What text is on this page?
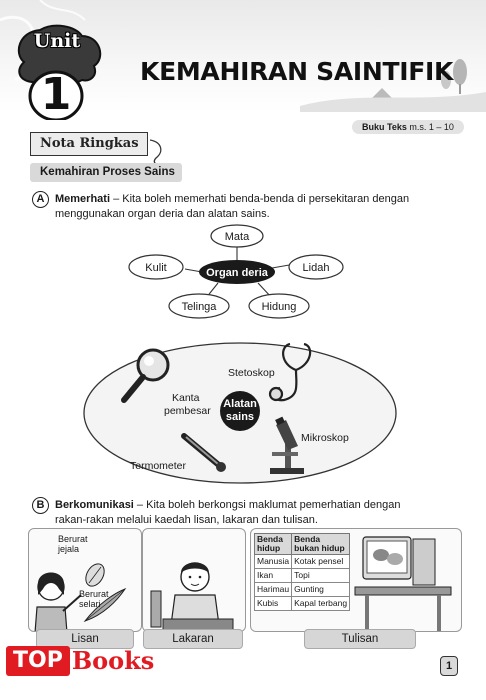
Unit
1	KEMAHIRAN SAINTIFIK
Buku Teks m.s. 1 – 10
Nota Ringkas
Kemahiran Proses Sains
A Memerhati – Kita boleh memerhati benda-benda di persekitaran dengan
menggunakan organ deria dan alatan sains.
Mata
Lidah
Hidung
Telinga
Kulit	Organ deria
Alatan
sains
Kanta
pembesar
Stetoskop
Termometer
Mikroskop
B Berkomunikasi – Kita boleh berkongsi maklumat pemerhatian dengan
rakan-rakan melalui kaedah lisan, lakaran dan tulisan.
Berurat
jejala
Berurat
selari
Benda hidup	Benda bukan hidup
Manusia	Kotak pensel
Ikan	Topi
Harimau	Gunting
Kubis	Kapal terbang
Lisan	Lakaran	Tulisan
TOP Books	1
